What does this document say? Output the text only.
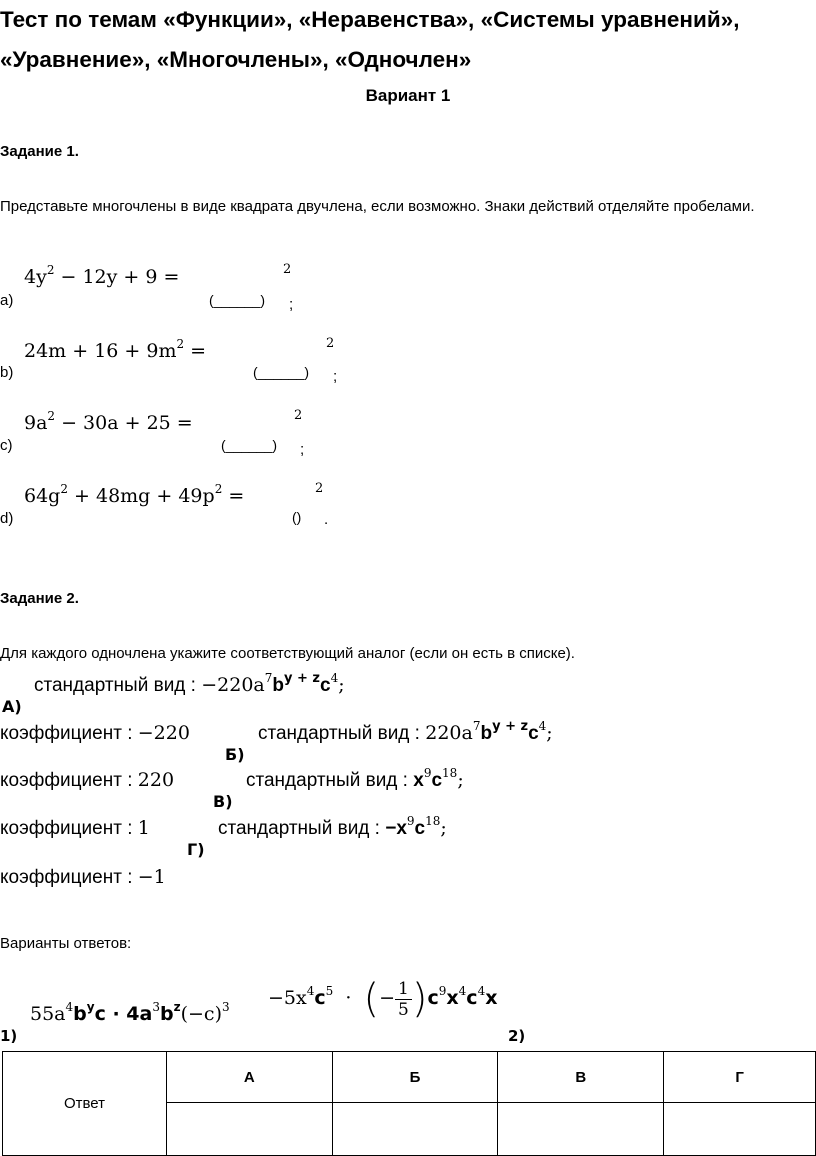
Тест по темам «Функции», «Неравенства», «Системы уравнений», «Уравнение», «Многочлены», «Одночлен»
Вариант 1
Задание 1.
Представьте многочлены в виде квадрата двучлена, если возможно. Знаки действий отделяйте пробелами.
$4y^2 - 12y + 9$ =
a)	(______)
2
;
$24m + 16 + 9m^2$ =
b)	(______)
2
;
$9a^2 - 30a + 25$ =
c)	(______)
2
;
$64g^2 + 48mg + 49p^2$ =
d)	()
2
.
Задание 2.
Для каждого одночлена укажите соответствующий аналог (если он есть в списке).
стандартный вид : $-220a^7b^{y + z}c^4$;
А)
коэффициент : −220	стандартный вид : $220a^7b^{y + z}c^4$;
Б)
коэффициент : 220	стандартный вид : $x^9c^{18}$;
В)
коэффициент : 1	стандартный вид : $-x^9c^{18}$;
Г)
коэффициент : −1
Варианты ответов:
$55a^4b^yc \cdot 4a^3b^z(-c)^3$
1)
$-5x^4c^5$ · (− $\frac{1}{5} )c^9x^4c^4x$
2)
Ответ	А	Б	В	Г
